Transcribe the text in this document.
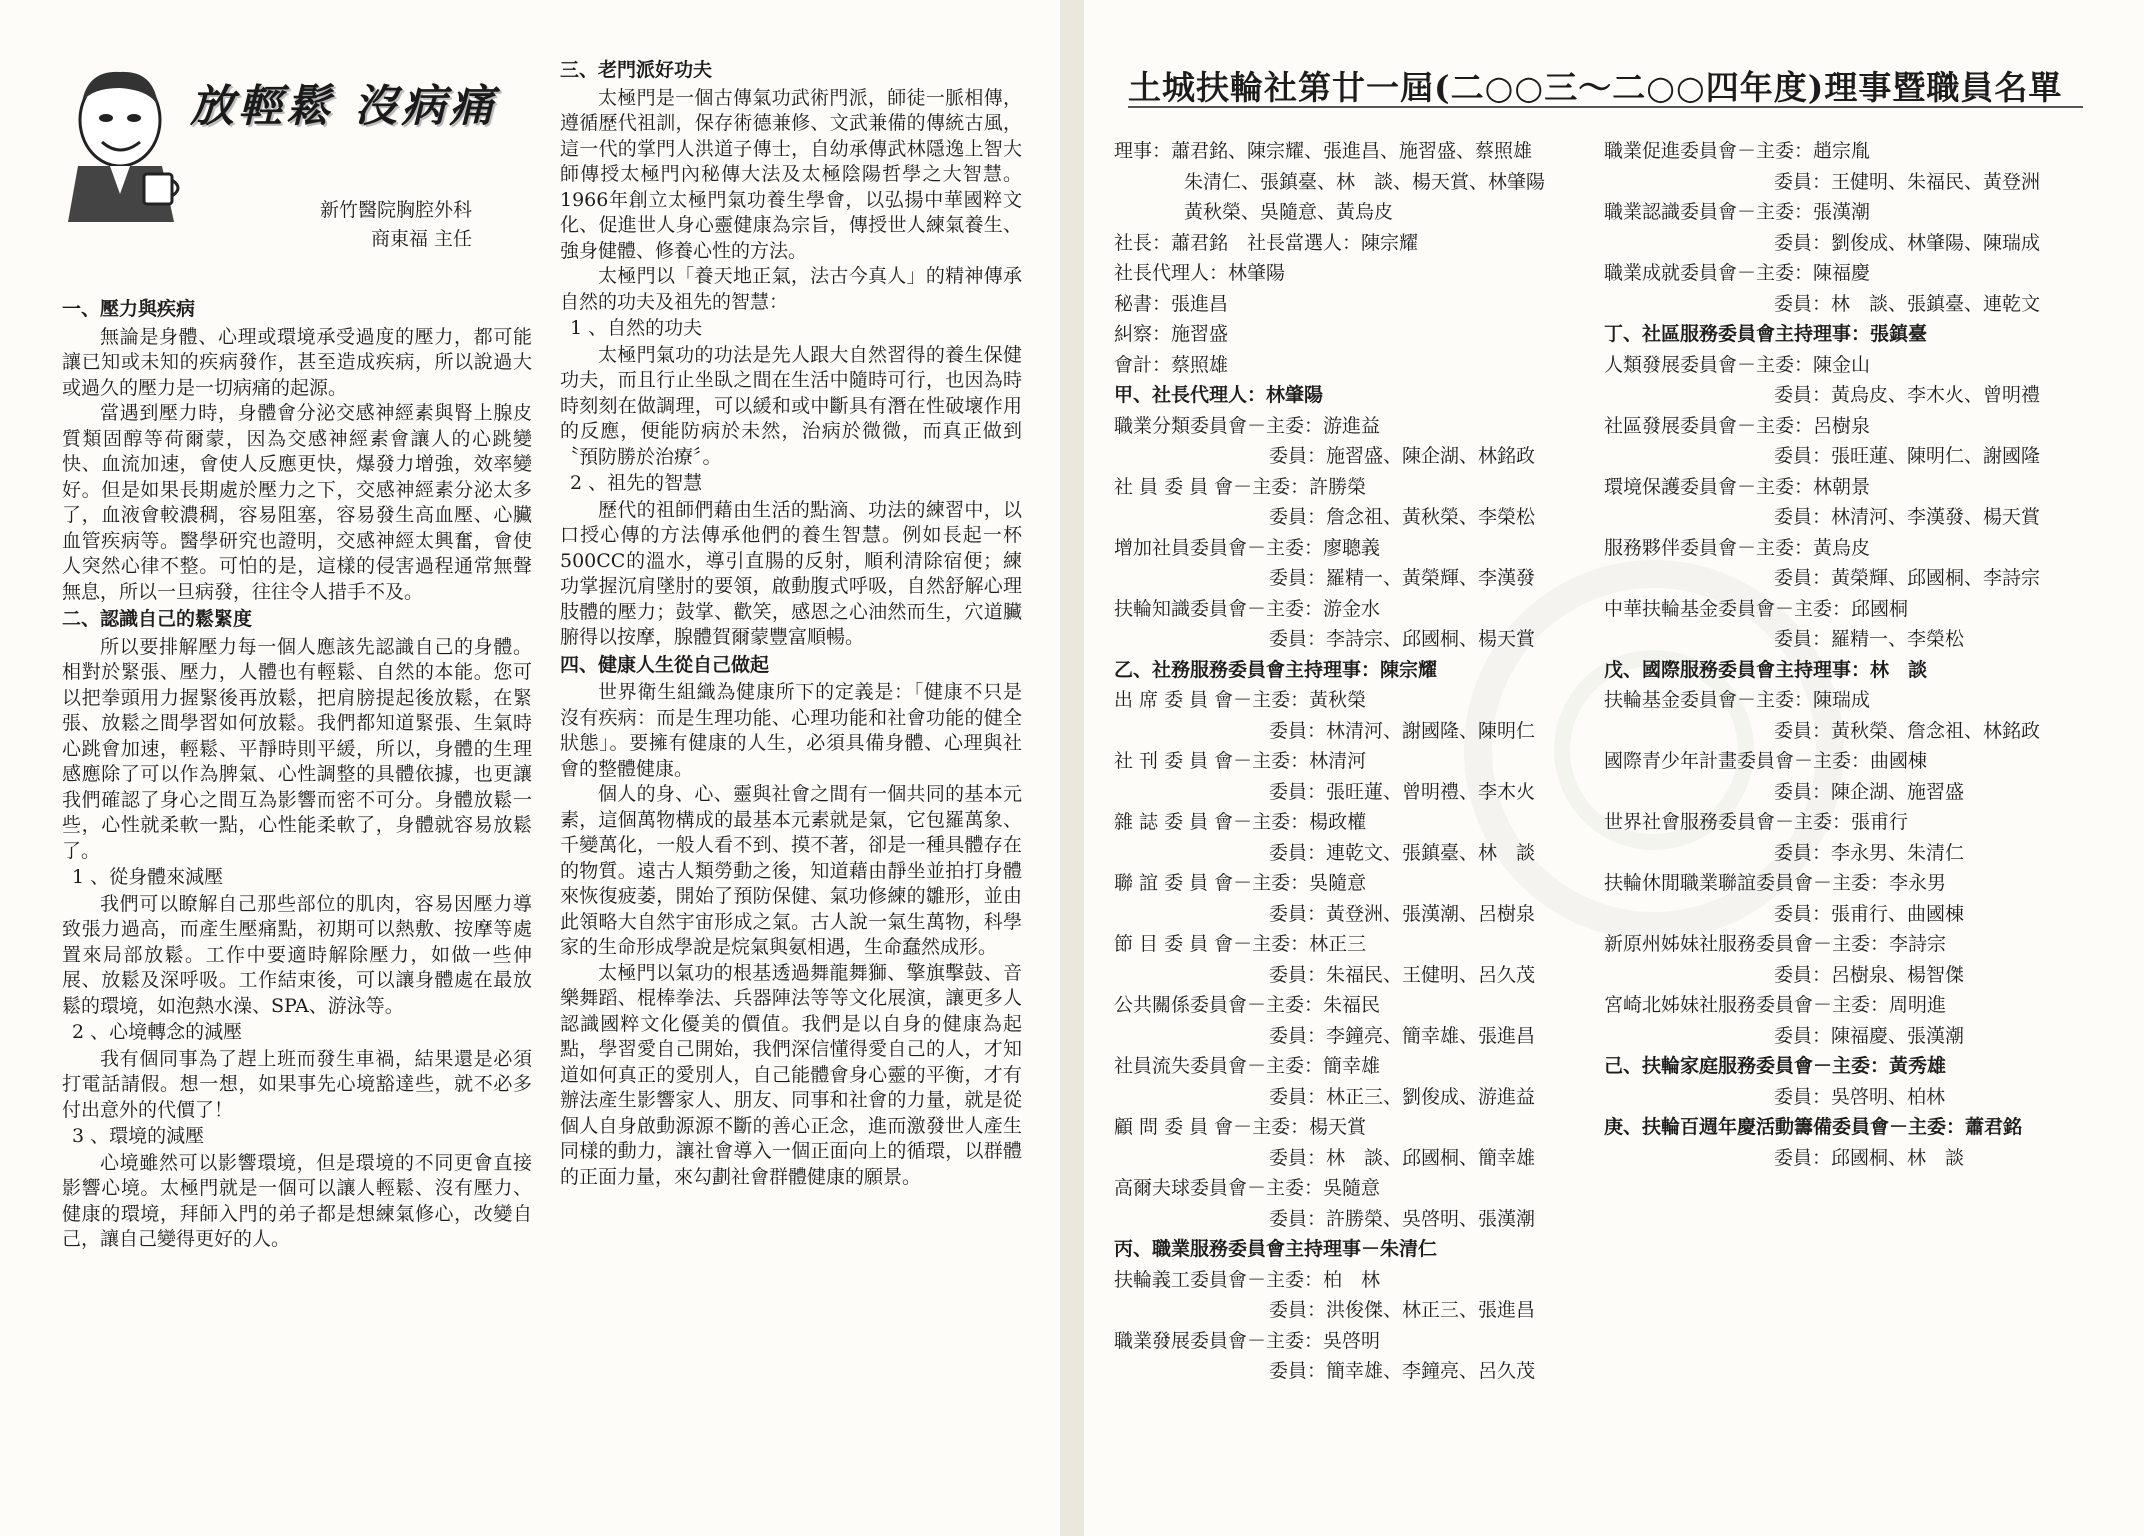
放輕鬆 沒病痛
新竹醫院胸腔外科
商東福 主任
一、壓力與疾病

無論是身體、心理或環境承受過度的壓力，都可能讓已知或未知的疾病發作，甚至造成疾病，所以說過大或過久的壓力是一切病痛的起源。

當遇到壓力時，身體會分泌交感神經素與腎上腺皮質類固醇等荷爾蒙，因為交感神經素會讓人的心跳變快、血流加速，會使人反應更快，爆發力增強，效率變好。但是如果長期處於壓力之下，交感神經素分泌太多了，血液會較濃稠，容易阻塞，容易發生高血壓、心臟血管疾病等。醫學研究也證明，交感神經太興奮，會使人突然心律不整。可怕的是，這樣的侵害過程通常無聲無息，所以一旦病發，往往令人措手不及。

二、認識自己的鬆緊度

所以要排解壓力每一個人應該先認識自己的身體。相對於緊張、壓力，人體也有輕鬆、自然的本能。您可以把拳頭用力握緊後再放鬆，把肩膀提起後放鬆，在緊張、放鬆之間學習如何放鬆。我們都知道緊張、生氣時心跳會加速，輕鬆、平靜時則平緩，所以，身體的生理感應除了可以作為脾氣、心性調整的具體依據，也更讓我們確認了身心之間互為影響而密不可分。身體放鬆一些，心性就柔軟一點，心性能柔軟了，身體就容易放鬆了。

1 、從身體來減壓

我們可以瞭解自己那些部位的肌肉，容易因壓力導致張力過高，而產生壓痛點，初期可以熱敷、按摩等處置來局部放鬆。工作中要適時解除壓力，如做一些伸展、放鬆及深呼吸。工作結束後，可以讓身體處在最放鬆的環境，如泡熱水澡、SPA、游泳等。

2 、心境轉念的減壓

我有個同事為了趕上班而發生車禍，結果還是必須打電話請假。想一想，如果事先心境豁達些，就不必多付出意外的代價了！

3 、環境的減壓

心境雖然可以影響環境，但是環境的不同更會直接影響心境。太極門就是一個可以讓人輕鬆、沒有壓力、健康的環境，拜師入門的弟子都是想練氣修心，改變自己，讓自己變得更好的人。

三、老門派好功夫

太極門是一個古傳氣功武術門派，師徒一脈相傳，遵循歷代祖訓，保存術德兼修、文武兼備的傳統古風，這一代的掌門人洪道子傳士，自幼承傳武林隱逸上智大師傳授太極門內秘傳大法及太極陰陽哲學之大智慧。1966年創立太極門氣功養生學會，以弘揚中華國粹文化、促進世人身心靈健康為宗旨，傳授世人練氣養生、強身健體、修養心性的方法。

太極門以「養天地正氣，法古今真人」的精神傳承自然的功夫及祖先的智慧：

1 、自然的功夫

太極門氣功的功法是先人跟大自然習得的養生保健功夫，而且行止坐臥之間在生活中隨時可行，也因為時時刻刻在做調理，可以緩和或中斷具有潛在性破壞作用的反應，便能防病於未然，治病於微微，而真正做到〝預防勝於治療〞。

2 、祖先的智慧

歷代的祖師們藉由生活的點滴、功法的練習中，以口授心傳的方法傳承他們的養生智慧。例如長起一杯500CC的溫水，導引直腸的反射，順利清除宿便；練功掌握沉肩墜肘的要領，啟動腹式呼吸，自然舒解心理肢體的壓力；鼓掌、歡笑，感恩之心油然而生，穴道臟腑得以按摩，腺體賀爾蒙豐富順暢。

四、健康人生從自己做起

世界衛生組織為健康所下的定義是：「健康不只是沒有疾病：而是生理功能、心理功能和社會功能的健全狀態」。要擁有健康的人生，必須具備身體、心理與社會的整體健康。

個人的身、心、靈與社會之間有一個共同的基本元素，這個萬物構成的最基本元素就是氣，它包羅萬象、千變萬化，一般人看不到、摸不著，卻是一種具體存在的物質。遠古人類勞動之後，知道藉由靜坐並拍打身體來恢復疲萎，開始了預防保健、氣功修練的雛形，並由此領略大自然宇宙形成之氣。古人說一氣生萬物，科學家的生命形成學說是烷氣與氨相遇，生命蠢然成形。

太極門以氣功的根基透過舞龍舞獅、擎旗擊鼓、音樂舞蹈、棍棒拳法、兵器陣法等等文化展演，讓更多人認識國粹文化優美的價值。我們是以自身的健康為起點，學習愛自己開始，我們深信懂得愛自己的人，才知道如何真正的愛別人，自己能體會身心靈的平衡，才有辦法產生影響家人、朋友、同事和社會的力量，就是從個人自身啟動源源不斷的善心正念，進而激發世人產生同樣的動力，讓社會導入一個正面向上的循環，以群體的正面力量，來勾劃社會群體健康的願景。

土城扶輪社第廿一屆(二○○三～二○○四年度)理事暨職員名單
理事：蕭君銘、陳宗耀、張進昌、施習盛、蔡照雄
朱清仁、張鎮臺、林　談、楊天賞、林肇陽
黃秋榮、吳隨意、黃烏皮
社長：蕭君銘　社長當選人：陳宗耀
社長代理人：林肇陽
秘書：張進昌
糾察：施習盛
會計：蔡照雄
甲、社長代理人：林肇陽
職業分類委員會－主委：游進益
委員：施習盛、陳企湖、林銘政
社 員 委 員 會－主委：許勝榮
委員：詹念祖、黃秋榮、李榮松
增加社員委員會－主委：廖聰義
委員：羅精一、黃榮輝、李漢發
扶輪知識委員會－主委：游金水
委員：李詩宗、邱國桐、楊天賞
乙、社務服務委員會主持理事：陳宗耀
出 席 委 員 會－主委：黃秋榮
委員：林清河、謝國隆、陳明仁
社 刊 委 員 會－主委：林清河
委員：張旺蓮、曾明禮、李木火
雜 誌 委 員 會－主委：楊政權
委員：連乾文、張鎮臺、林　談
聯 誼 委 員 會－主委：吳隨意
委員：黃登洲、張漢潮、呂樹泉
節 目 委 員 會－主委：林正三
委員：朱福民、王健明、呂久茂
公共關係委員會－主委：朱福民
委員：李鐘亮、簡幸雄、張進昌
社員流失委員會－主委：簡幸雄
委員：林正三、劉俊成、游進益
顧 問 委 員 會－主委：楊天賞
委員：林　談、邱國桐、簡幸雄
高爾夫球委員會－主委：吳隨意
委員：許勝榮、吳啓明、張漢潮
丙、職業服務委員會主持理事－朱清仁
扶輪義工委員會－主委：柏　林
委員：洪俊傑、林正三、張進昌
職業發展委員會－主委：吳啓明
委員：簡幸雄、李鐘亮、呂久茂
職業促進委員會－主委：趙宗胤
委員：王健明、朱福民、黃登洲
職業認識委員會－主委：張漢潮
委員：劉俊成、林肇陽、陳瑞成
職業成就委員會－主委：陳福慶
委員：林　談、張鎮臺、連乾文
丁、社區服務委員會主持理事：張鎮臺
人類發展委員會－主委：陳金山
委員：黃烏皮、李木火、曾明禮
社區發展委員會－主委：呂樹泉
委員：張旺蓮、陳明仁、謝國隆
環境保護委員會－主委：林朝景
委員：林清河、李漢發、楊天賞
服務夥伴委員會－主委：黃烏皮
委員：黃榮輝、邱國桐、李詩宗
中華扶輪基金委員會－主委：邱國桐
委員：羅精一、李榮松
戊、國際服務委員會主持理事：林　談
扶輪基金委員會－主委：陳瑞成
委員：黃秋榮、詹念祖、林銘政
國際青少年計畫委員會－主委：曲國棟
委員：陳企湖、施習盛
世界社會服務委員會－主委：張甫行
委員：李永男、朱清仁
扶輪休閒職業聯誼委員會－主委：李永男
委員：張甫行、曲國棟
新原州姊妹社服務委員會－主委：李詩宗
委員：呂樹泉、楊智傑
宮崎北姊妹社服務委員會－主委：周明進
委員：陳福慶、張漢潮
己、扶輪家庭服務委員會－主委：黃秀雄
委員：吳啓明、柏林
庚、扶輪百週年慶活動籌備委員會－主委：蕭君銘
委員：邱國桐、林　談
